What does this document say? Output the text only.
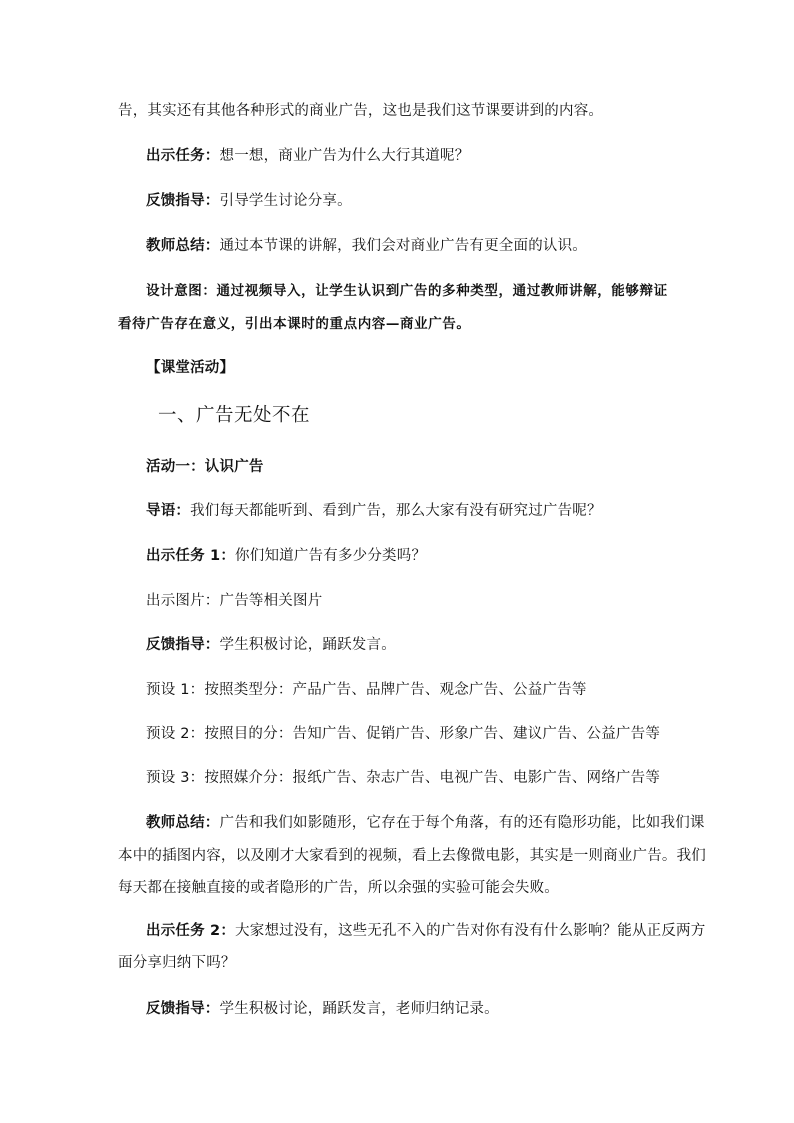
告，其实还有其他各种形式的商业广告，这也是我们这节课要讲到的内容。
出示任务：想一想，商业广告为什么大行其道呢？
反馈指导：引导学生讨论分享。
教师总结：通过本节课的讲解，我们会对商业广告有更全面的认识。
设计意图：通过视频导入，让学生认识到广告的多种类型，通过教师讲解，能够辩证
看待广告存在意义，引出本课时的重点内容—商业广告。
【课堂活动】
一、广告无处不在
活动一：认识广告
导语：我们每天都能听到、看到广告，那么大家有没有研究过广告呢？
出示任务 1：你们知道广告有多少分类吗？
出示图片：广告等相关图片
反馈指导：学生积极讨论，踊跃发言。
预设 1：按照类型分：产品广告、品牌广告、观念广告、公益广告等
预设 2：按照目的分：告知广告、促销广告、形象广告、建议广告、公益广告等
预设 3：按照媒介分：报纸广告、杂志广告、电视广告、电影广告、网络广告等
教师总结：广告和我们如影随形，它存在于每个角落，有的还有隐形功能，比如我们课
本中的插图内容，以及刚才大家看到的视频，看上去像微电影，其实是一则商业广告。我们
每天都在接触直接的或者隐形的广告，所以余强的实验可能会失败。
出示任务 2：大家想过没有，这些无孔不入的广告对你有没有什么影响？能从正反两方
面分享归纳下吗？
反馈指导：学生积极讨论，踊跃发言，老师归纳记录。
